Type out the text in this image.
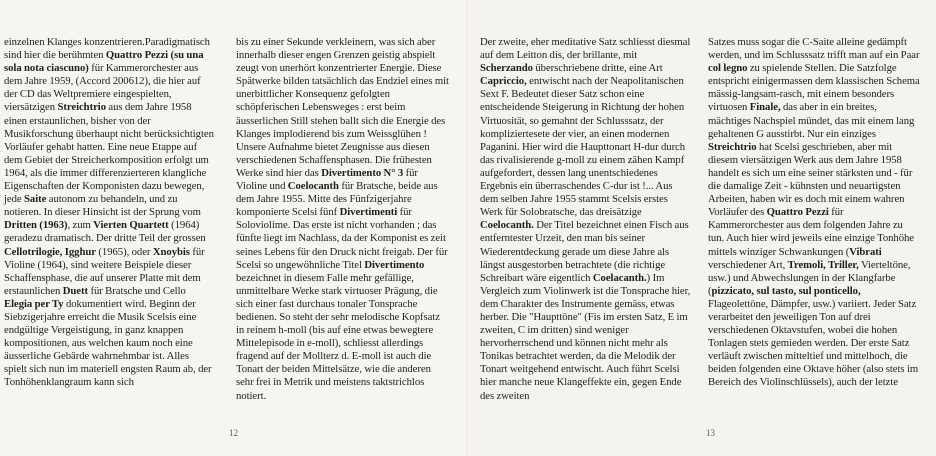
einzelnen Klanges konzentrieren.Paradigmatisch sind hier die berühmten Quattro Pezzi (su una sola nota ciascuno) für Kammerorchester aus dem Jahre 1959, (Accord 200612), die hier auf der CD das Weltpremiere eingespielten, viersätzigen Streichtrio aus dem Jahre 1958 einen erstaunlichen, bisher von der Musikforschung überhaupt nicht berücksichtigten Vorläufer gehabt hatten. Eine neue Etappe auf dem Gebiet der Streicherkomposition erfolgt um 1964, als die immer differenzierteren klangliche Eigenschaften der Komponisten dazu bewegen, jede Saite autonom zu behandeln, und zu notieren. In dieser Hinsicht ist der Sprung vom Dritten (1963), zum Vierten Quartett (1964) geradezu dramatisch. Der dritte Teil der grossen Cellotrilogie, Igghur (1965), oder Xnoybis für Violine (1964), sind weitere Beispiele dieser Schaffensphase, die auf unserer Platte mit dem erstaunlichen Duett für Bratsche und Cello Elegia per Ty dokumentiert wird. Beginn der Siebzigerjahre erreicht die Musik Scelsis eine endgültige Vergeistigung, in ganz knappen kompositionen, aus welchen kaum noch eine äusserliche Gebärde wahrnehmbar ist. Alles spielt sich nun im materiell engsten Raum ab, der Tonhöhenklangraum kann sich

bis zu einer Sekunde verkleinern, was sich aber innerhalb dieser engen Grenzen geistig abspielt zeugt von unerhört konzentrierter Energie. Diese Spätwerke bilden tatsächlich das Endziel eines mit unerbittlicher Konsequenz gefolgten schöpferischen Lebensweges : erst beim äusserlichen Still stehen ballt sich die Energie des Klanges implodierend bis zum Weissglühen ! Unsere Aufnahme bietet Zeugnisse aus diesen verschiedenen Schaffensphasen. Die frühesten Werke sind hier das Divertimento N° 3 für Violine und Coelocanth für Bratsche, beide aus dem Jahre 1955. Mitte des Fünfzigerjahre komponierte Scelsi fünf Divertimenti für Soloviolime. Das erste ist nicht vorhanden ; das fünfte liegt im Nachlass, da der Komponist es zeit seines Lebens für den Druck nicht freigab. Der für Scelsi so ungewöhnliche Titel Divertimento bezeichnet in diesem Falle mehr gefällige, unmittelbare Werke stark virtuoser Prägung, die sich einer fast durchaus tonaler Tonsprache bedienen. So steht der sehr melodische Kopfsatz in reinem h-moll (bis auf eine etwas bewegtere Mittelepisode in e-moll), schliesst allerdings fragend auf der Mollterz d. E-moll ist auch die Tonart der beiden Mittelsätze, wie die anderen sehr frei in Metrik und meistens taktstrichlos notiert.

12

Der zweite, eher meditative Satz schliesst diesmal auf dem Leitton dis, der brillante, mit Scherzando überschriebene dritte, eine Art Capriccio, entwischt nach der Neapolitanischen Sext F. Bedeutet dieser Satz schon eine entscheidende Steigerung in Richtung der hohen Virtuosität, so gemahnt der Schlusssatz, der kompliziertesete der vier, an einen modernen Paganini. Hier wird die Haupttonart H-dur durch das rivalisierende g-moll zu einem zähen Kampf aufgefordert, dessen lang unentschiedenes Ergebnis ein überraschendes C-dur ist !... Aus dem selben Jahre 1955 stammt Scelsis erstes Werk für Solobratsche, das dreisätzige Coelocanth. Der Titel bezeichnet einen Fisch aus entferntester Urzeit, den man bis seiner Wiederentdeckung gerade um diese Jahre als längst ausgestorben betrachtete (die richtige Schreibart wäre eigentlich Coelacanth.) Im Vergleich zum Violinwerk ist die Tonsprache hier, dem Charakter des Instrumente gemäss, etwas herber. Die "Haupttöne" (Fis im ersten Satz, E im zweiten, C im dritten) sind weniger hervorherrschend und können nicht mehr als Tonikas betrachtet werden, da die Melodik der Tonart weitgehend entwischt. Auch führt Scelsi hier manche neue Klangeffekte ein, gegen Ende des zweiten

Satzes muss sogar die C-Saite alleine gedämpft werden, und im Schlusssatz trifft man auf ein Paar col legno zu spielende Stellen. Die Satzfolge entspricht einigermassen dem klassischen Schema mässig-langsam-rasch, mit einem besonders virtuosen Finale, das aber in ein breites, mächtiges Nachspiel mündet, das mit einem lang gehaltenen G ausstirbt. Nur ein einziges Streichtrio hat Scelsi geschrieben, aber mit diesem viersätzigen Werk aus dem Jahre 1958 handelt es sich um eine seiner stärksten und - für die damalige Zeit - kühnsten und neuartigsten Arbeiten, haben wir es doch mit einem wahren Vorläufer des Quattro Pezzi für Kammerorchester aus dem folgenden Jahre zu tun. Auch hier wird jeweils eine einzige Tonhöhe mittels winziger Schwankungen (Vibrati verschiedener Art, Tremoli, Triller, Vierteltöne, usw.) und Abwechslungen in der Klangfarbe (pizzicato, sul tasto, sul ponticello, Flageolettöne, Dämpfer, usw.) variiert. Jeder Satz verarbeitet den jeweiligen Ton auf drei verschiedenen Oktavstufen, wobei die hohen Tonlagen stets gemieden werden. Der erste Satz verläuft zwischen mitteltief und mittelhoch, die beiden folgenden eine Oktave höher (also stets im Bereich des Violinschlüssels), auch der letzte

13
